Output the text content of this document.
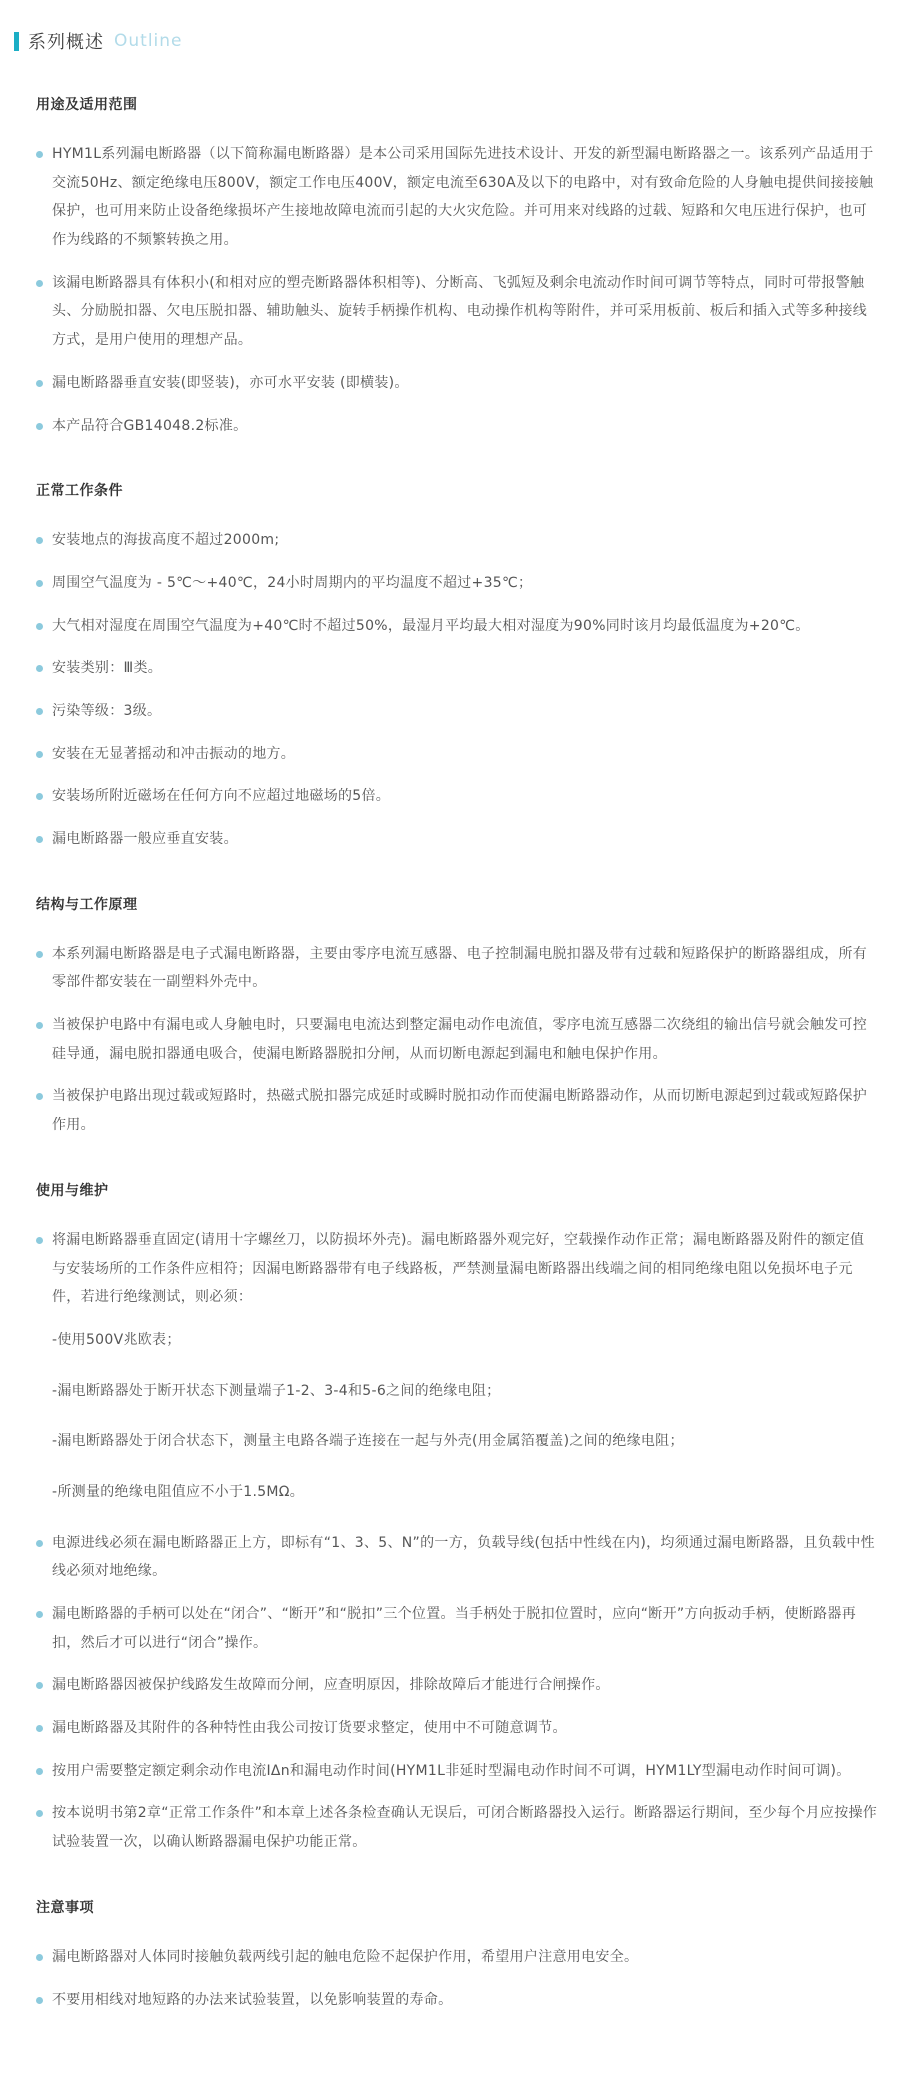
系列概述 Outline
用途及适用范围
HYM1L系列漏电断路器（以下简称漏电断路器）是本公司采用国际先进技术设计、开发的新型漏电断路器之一。该系列产品适用于交流50Hz、额定绝缘电压800V，额定工作电压400V，额定电流至630A及以下的电路中，对有致命危险的人身触电提供间接接触保护，也可用来防止设备绝缘损坏产生接地故障电流而引起的大火灾危险。并可用来对线路的过载、短路和欠电压进行保护，也可作为线路的不频繁转换之用。
该漏电断路器具有体积小(和相对应的塑壳断路器体积相等)、分断高、飞弧短及剩余电流动作时间可调节等特点，同时可带报警触头、分励脱扣器、欠电压脱扣器、辅助触头、旋转手柄操作机构、电动操作机构等附件，并可采用板前、板后和插入式等多种接线方式，是用户使用的理想产品。
漏电断路器垂直安装(即竖装)，亦可水平安装 (即横装)。
本产品符合GB14048.2标准。
正常工作条件
安装地点的海拔高度不超过2000m;
周围空气温度为 - 5℃～+40℃，24小时周期内的平均温度不超过+35℃；
大气相对湿度在周围空气温度为+40℃时不超过50%，最湿月平均最大相对湿度为90%同时该月均最低温度为+20℃。
安装类别：Ⅲ类。
污染等级：3级。
安装在无显著摇动和冲击振动的地方。
安装场所附近磁场在任何方向不应超过地磁场的5倍。
漏电断路器一般应垂直安装。
结构与工作原理
本系列漏电断路器是电子式漏电断路器，主要由零序电流互感器、电子控制漏电脱扣器及带有过载和短路保护的断路器组成，所有零部件都安装在一副塑料外壳中。
当被保护电路中有漏电或人身触电时，只要漏电电流达到整定漏电动作电流值，零序电流互感器二次绕组的输出信号就会触发可控硅导通，漏电脱扣器通电吸合，使漏电断路器脱扣分闸，从而切断电源起到漏电和触电保护作用。
当被保护电路出现过载或短路时，热磁式脱扣器完成延时或瞬时脱扣动作而使漏电断路器动作，从而切断电源起到过载或短路保护作用。
使用与维护
将漏电断路器垂直固定(请用十字螺丝刀，以防损坏外壳)。漏电断路器外观完好，空载操作动作正常；漏电断路器及附件的额定值与安装场所的工作条件应相符；因漏电断路器带有电子线路板，严禁测量漏电断路器出线端之间的相同绝缘电阻以免损坏电子元件，若进行绝缘测试，则必须：
-使用500V兆欧表；
-漏电断路器处于断开状态下测量端子1-2、3-4和5-6之间的绝缘电阻；
-漏电断路器处于闭合状态下，测量主电路各端子连接在一起与外壳(用金属箔覆盖)之间的绝缘电阻；
-所测量的绝缘电阻值应不小于1.5MΩ。
电源进线必须在漏电断路器正上方，即标有“1、3、5、N”的一方，负载导线(包括中性线在内)，均须通过漏电断路器，且负载中性线必须对地绝缘。
漏电断路器的手柄可以处在“闭合”、“断开”和“脱扣”三个位置。当手柄处于脱扣位置时，应向“断开”方向扳动手柄，使断路器再扣，然后才可以进行“闭合”操作。
漏电断路器因被保护线路发生故障而分闸，应查明原因，排除故障后才能进行合闸操作。
漏电断路器及其附件的各种特性由我公司按订货要求整定，使用中不可随意调节。
按用户需要整定额定剩余动作电流IΔn和漏电动作时间(HYM1L非延时型漏电动作时间不可调，HYM1LY型漏电动作时间可调)。
按本说明书第2章“正常工作条件”和本章上述各条检查确认无误后，可闭合断路器投入运行。断路器运行期间，至少每个月应按操作试验装置一次，以确认断路器漏电保护功能正常。
注意事项
漏电断路器对人体同时接触负载两线引起的触电危险不起保护作用，希望用户注意用电安全。
不要用相线对地短路的办法来试验装置，以免影响装置的寿命。
